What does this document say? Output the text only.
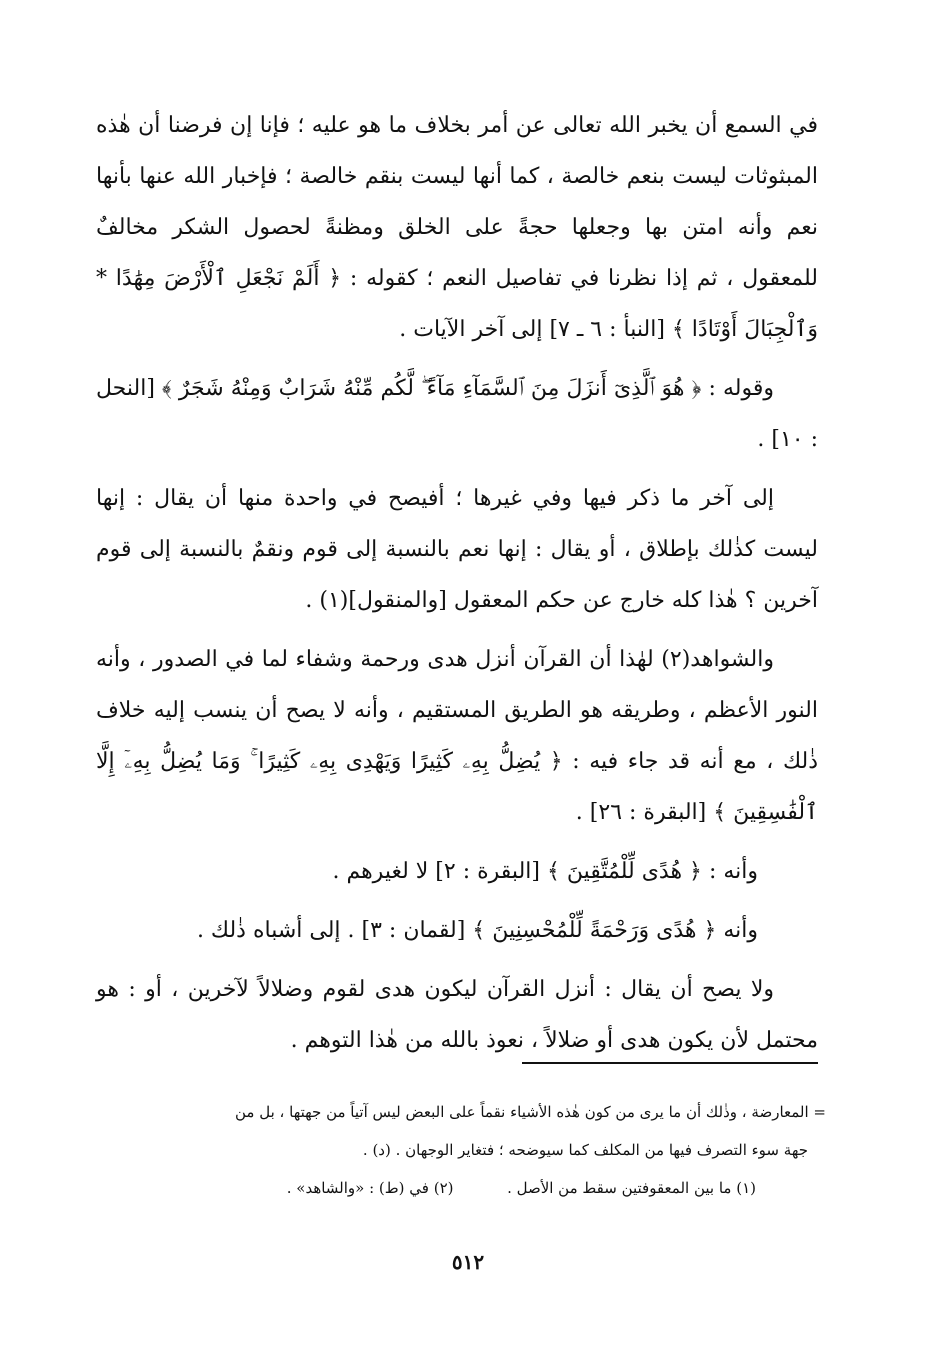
في السمع أن يخبر الله تعالى عن أمر بخلاف ما هو عليه ؛ فإنا إن فرضنا أن هٰذه المبثوثات ليست بنعم خالصة ، كما أنها ليست بنقم خالصة ؛ فإخبار الله عنها بأنها نعم وأنه امتن بها وجعلها حجةً على الخلق ومظنةً لحصول الشكر مخالفٌ للمعقول ، ثم إذا نظرنا في تفاصيل النعم ؛ كقوله : ﴿ أَلَمْ نَجْعَلِ ٱلْأَرْضَ مِهَٰدًا * وَٱلْجِبَالَ أَوْتَادًا ﴾ [النبأ : ٦ ـ ٧] إلى آخر الآيات .

وقوله : ﴿ هُوَ ٱلَّذِىٓ أَنزَلَ مِنَ ٱلسَّمَآءِ مَآءً ۖ لَّكُم مِّنْهُ شَرَابٌ وَمِنْهُ شَجَرٌ ﴾ [النحل : ١٠] .

إلى آخر ما ذكر فيها وفي غيرها ؛ أفيصح في واحدة منها أن يقال : إنها ليست كذٰلك بإطلاق ، أو يقال : إنها نعم بالنسبة إلى قوم ونقمٌ بالنسبة إلى قوم آخرين ؟ هٰذا كله خارج عن حكم المعقول [والمنقول](١) .

والشواهد(٢) لهٰذا أن القرآن أنزل هدى ورحمة وشفاء لما في الصدور ، وأنه النور الأعظم ، وطريقه هو الطريق المستقيم ، وأنه لا يصح أن ينسب إليه خلاف ذٰلك ، مع أنه قد جاء فيه : ﴿ يُضِلُّ بِهِۦ كَثِيرًا وَيَهْدِى بِهِۦ كَثِيرًا ۚ وَمَا يُضِلُّ بِهِۦٓ إِلَّا ٱلْفَٰسِقِينَ ﴾ [البقرة : ٢٦] .

وأنه : ﴿ هُدًى لِّلْمُتَّقِينَ ﴾ [البقرة : ٢] لا لغيرهم .

وأنه ﴿ هُدًى وَرَحْمَةً لِّلْمُحْسِنِينَ ﴾ [لقمان : ٣] . إلى أشباه ذٰلك .

ولا يصح أن يقال : أنزل القرآن ليكون هدى لقوم وضلالاً لآخرين ، أو : هو محتمل لأن يكون هدى أو ضلالاً ، نعوذ بالله من هٰذا التوهم .

= المعارضة ، وذٰلك أن ما يرى من كون هٰذه الأشياء نقماً على البعض ليس آتياً من جهتها ، بل من
جهة سوء التصرف فيها من المكلف كما سيوضحه ؛ فتغاير الوجهان . (د) .
(١) ما بين المعقوفتين سقط من الأصل .  (٢) في (ط) : «والشاهد» .
٥١٢
